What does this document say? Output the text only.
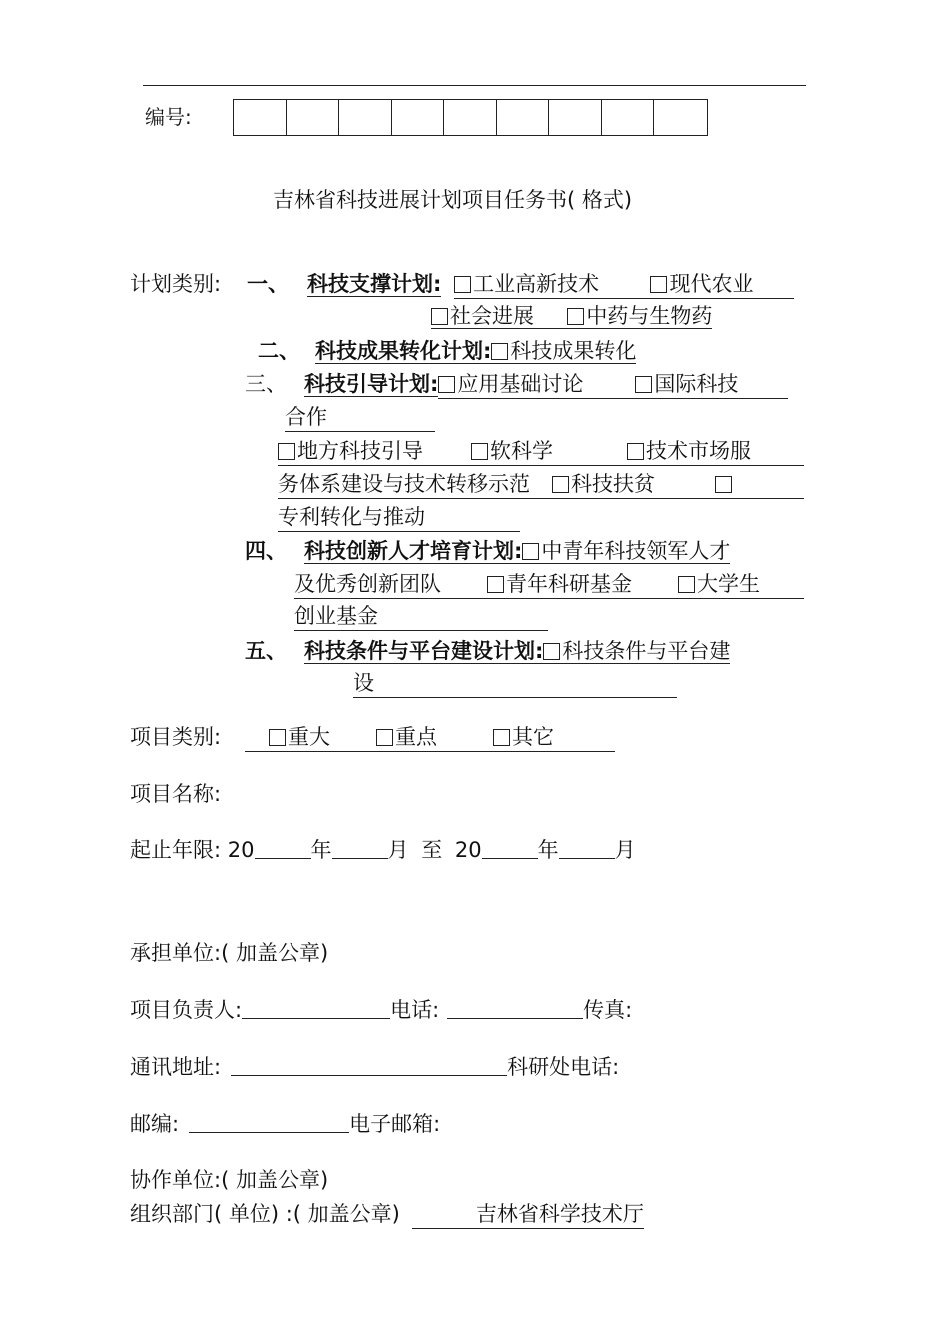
编号:
吉林省科技进展计划项目任务书( 格式)
计划类别: 一、 科技支撑计划: 工业高新技术	现代农业
社会进展 中药与生物药
二、 科技成果转化计划: 科技成果转化
三、 科技引导计划: 应用基础讨论	国际科技
合作
地方科技引导	软科学	技术市场服
务体系建设与技术转移示范 科技扶贫
专利转化与推动
四、 科技创新人才培育计划: 中青年科技领军人才
及优秀创新团队	青年科研基金	大学生
创业基金
五、 科技条件与平台建设计划: 科技条件与平台建
设
项目类别:	重大	重点	其它
项目名称:
起止年限: 20	年	月 至 20	年	月
承担单位:( 加盖公章)
项目负责人:	电话:	传真:
通讯地址:	科研处电话:
邮编:	电子邮箱:
协作单位:( 加盖公章)
组织部门( 单位) :( 加盖公章)	吉林省科学技术厅
